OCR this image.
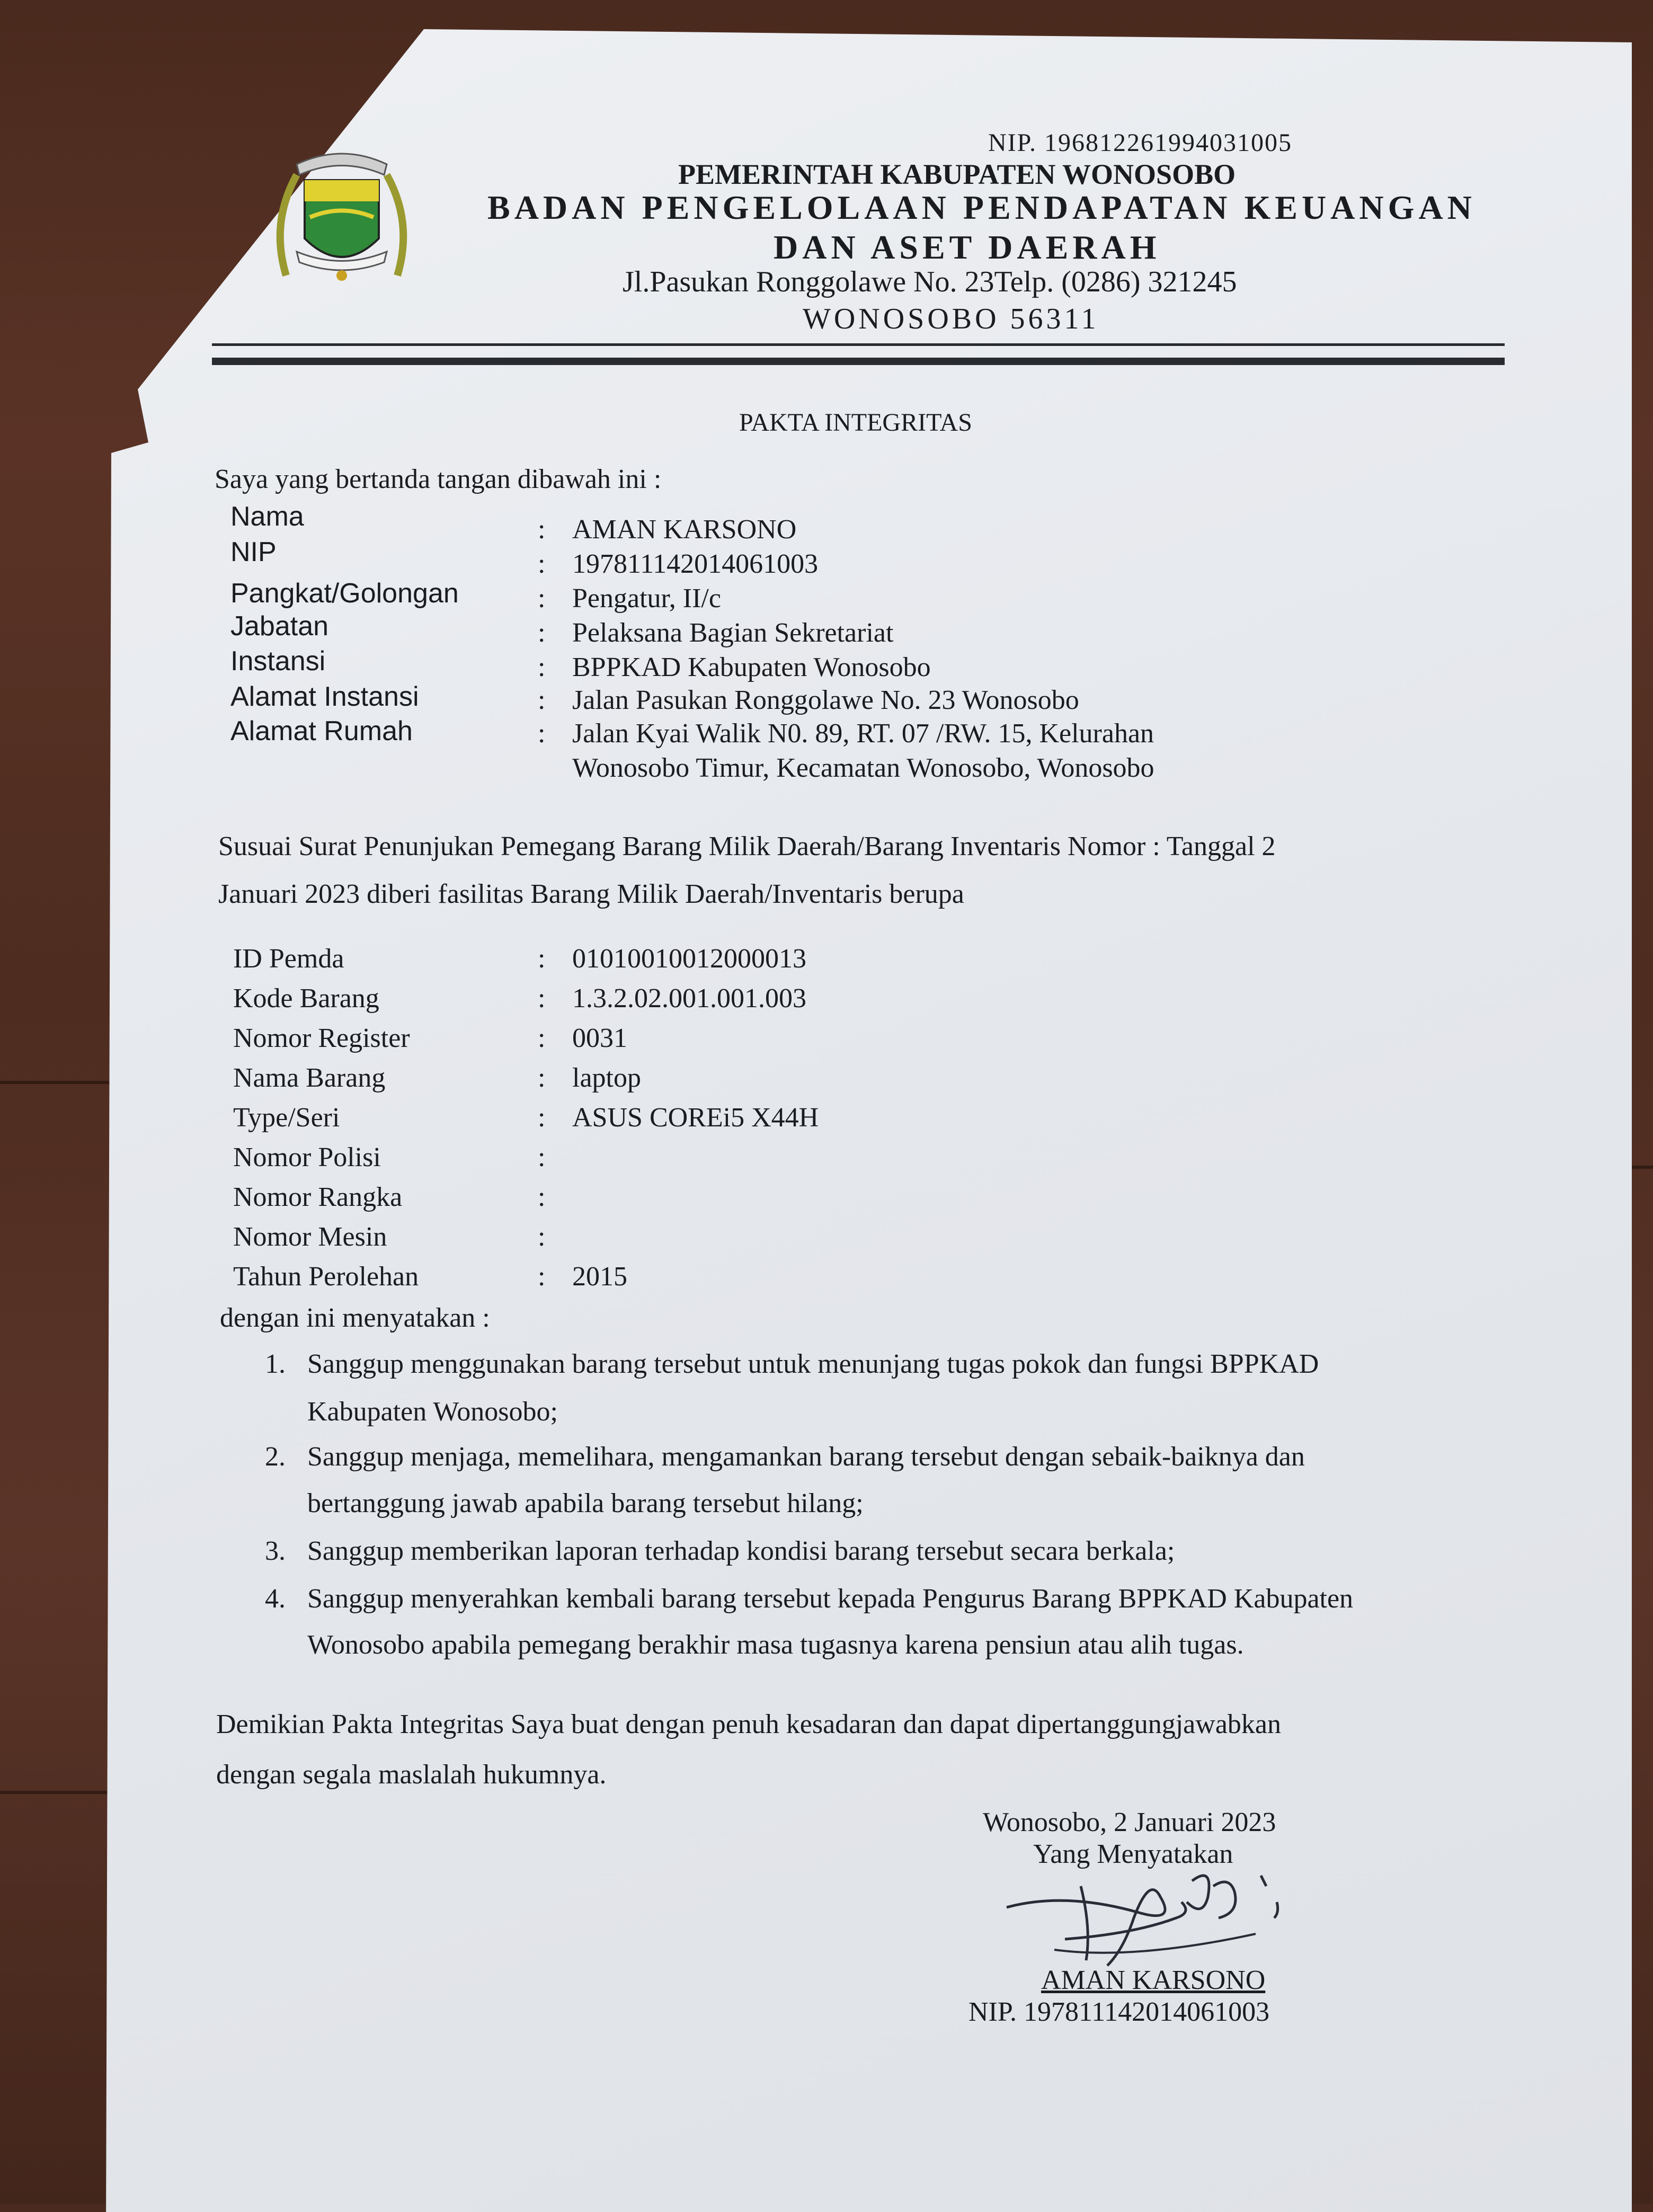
NIP. 196812261994031005
PEMERINTAH KABUPATEN WONOSOBO
BADAN PENGELOLAAN PENDAPATAN KEUANGAN
DAN ASET DAERAH
Jl.Pasukan Ronggolawe No. 23Telp. (0286) 321245
WONOSOBO 56311
PAKTA INTEGRITAS
Saya yang bertanda tangan dibawah ini :
Nama	: AMAN KARSONO
NIP	: 197811142014061003
Pangkat/Golongan	: Pengatur, II/c
Jabatan	: Pelaksana Bagian Sekretariat
Instansi	: BPPKAD Kabupaten Wonosobo
Alamat Instansi	: Jalan Pasukan Ronggolawe No. 23 Wonosobo
Alamat Rumah	: Jalan Kyai Walik N0. 89, RT. 07 /RW. 15, Kelurahan
Wonosobo Timur, Kecamatan Wonosobo, Wonosobo
Susuai Surat Penunjukan Pemegang Barang Milik Daerah/Barang Inventaris Nomor : Tanggal 2
Januari 2023 diberi fasilitas Barang Milik Daerah/Inventaris berupa
ID Pemda	: 01010010012000013
Kode Barang	: 1.3.2.02.001.001.003
Nomor Register	: 0031
Nama Barang	: laptop
Type/Seri	: ASUS COREi5 X44H
Nomor Polisi	:
Nomor Rangka	:
Nomor Mesin	:
Tahun Perolehan	: 2015
dengan ini menyatakan :
1. Sanggup menggunakan barang tersebut untuk menunjang tugas pokok dan fungsi BPPKAD
Kabupaten Wonosobo;
2. Sanggup menjaga, memelihara, mengamankan barang tersebut dengan sebaik-baiknya dan
bertanggung jawab apabila barang tersebut hilang;
3. Sanggup memberikan laporan terhadap kondisi barang tersebut secara berkala;
4. Sanggup menyerahkan kembali barang tersebut kepada Pengurus Barang BPPKAD Kabupaten
Wonosobo apabila pemegang berakhir masa tugasnya karena pensiun atau alih tugas.
Demikian Pakta Integritas Saya buat dengan penuh kesadaran dan dapat dipertanggungjawabkan
dengan segala maslalah hukumnya.
Wonosobo, 2 Januari 2023
Yang Menyatakan
AMAN KARSONO
NIP. 197811142014061003
